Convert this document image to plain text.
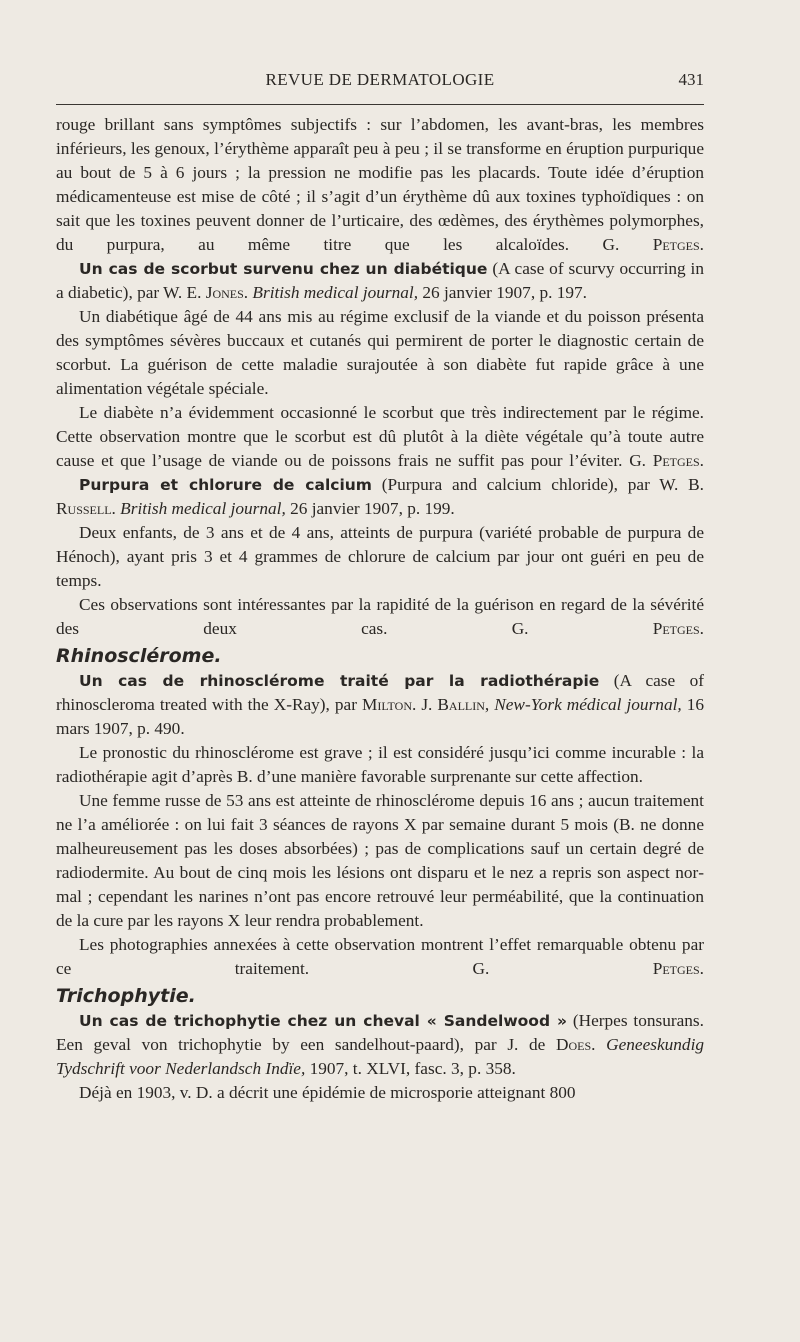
REVUE DE DERMATOLOGIE	431

rouge brillant sans symptômes subjectifs : sur l’abdomen, les avant-bras, les membres inférieurs, les genoux, l’érythème apparaît peu à peu ; il se transforme en éruption purpurique au bout de 5 à 6 jours ; la pression ne modifie pas les placards. Toute idée d’éruption médicamenteuse est mise de côté ; il s’agit d’un érythème dû aux toxines typhoïdiques : on sait que les toxines peuvent donner de l’urticaire, des œdèmes, des érythèmes polymorphes, du purpura, au même titre que les alcaloïdes. G. Petges.

Un cas de scorbut survenu chez un diabétique (A case of scurvy occurring in a diabetic), par W. E. Jones. British medical journal, 26 janvier 1907, p. 197.

Un diabétique âgé de 44 ans mis au régime exclusif de la viande et du poisson présenta des symptômes sévères buccaux et cutanés qui permirent de porter le diagnostic certain de scorbut. La guérison de cette maladie surajoutée à son diabète fut rapide grâce à une alimentation végétale spéciale.

Le diabète n’a évidemment occasionné le scorbut que très indirectement par le régime. Cette observation montre que le scorbut est dû plutôt à la diète végétale qu’à toute autre cause et que l’usage de viande ou de poissons frais ne suffit pas pour l’éviter. G. Petges.

Purpura et chlorure de calcium (Purpura and calcium chloride), par W. B. Russell. British medical journal, 26 janvier 1907, p. 199.

Deux enfants, de 3 ans et de 4 ans, atteints de purpura (variété probable de purpura de Hénoch), ayant pris 3 et 4 grammes de chlorure de calcium par jour ont guéri en peu de temps.

Ces observations sont intéressantes par la rapidité de la guérison en regard de la sévérité des deux cas.	G. Petges.

Rhinosclérome.

Un cas de rhinosclérome traité par la radiothérapie (A case of rhinoscleroma treated with the X-Ray), par Milton. J. Ballin, New-York médical journal, 16 mars 1907, p. 490.

Le pronostic du rhinosclérome est grave ; il est considéré jusqu’ici comme incurable : la radiothérapie agit d’après B. d’une manière favorable surprenante sur cette affection.

Une femme russe de 53 ans est atteinte de rhinosclérome depuis 16 ans ; aucun traitement ne l’a améliorée : on lui fait 3 séances de rayons X par semaine durant 5 mois (B. ne donne malheureusement pas les doses absorbées) ; pas de complications sauf un certain degré de radiodermite. Au bout de cinq mois les lésions ont disparu et le nez a repris son aspect normal ; cependant les narines n’ont pas encore retrouvé leur perméabilité, que la continuation de la cure par les rayons X leur rendra probablement.

Les photographies annexées à cette observation montrent l’effet remarquable obtenu par ce traitement.	G. Petges.

Trichophytie.

Un cas de trichophytie chez un cheval « Sandelwood » (Herpes tonsurans. Een geval von trichophytie by een sandelhout-paard), par J. de Does. Geneeskundig Tydschrift voor Nederlandsch Indïe, 1907, t. XLVI, fasc. 3, p. 358.

Déjà en 1903, v. D. a décrit une épidémie de microsporie atteignant 800
